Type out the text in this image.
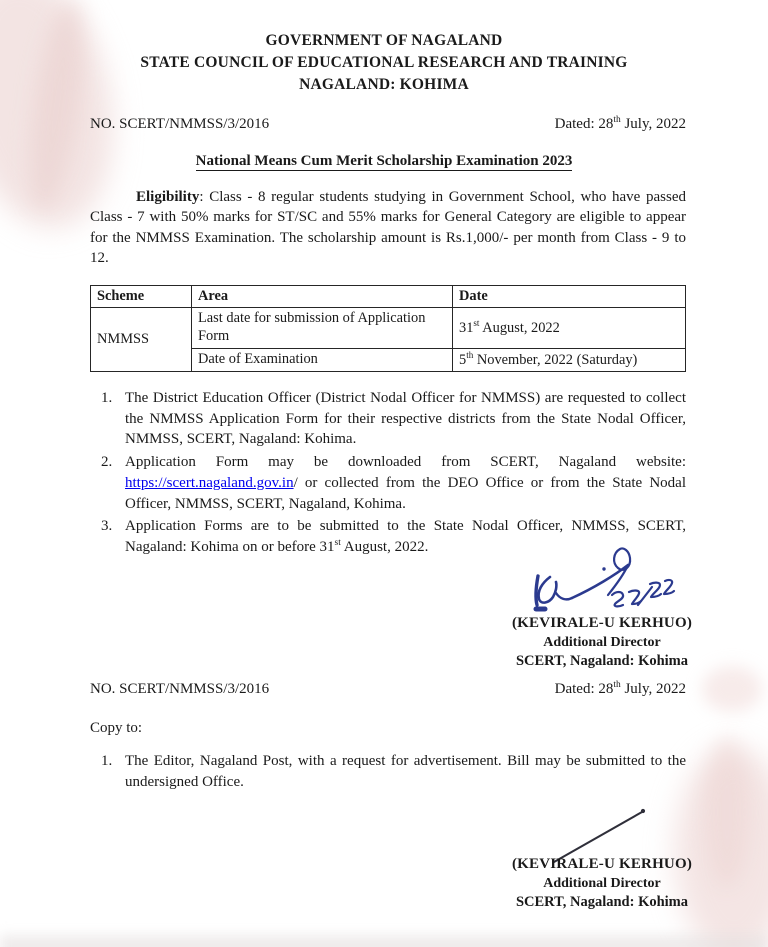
GOVERNMENT OF NAGALAND
STATE COUNCIL OF EDUCATIONAL RESEARCH AND TRAINING
NAGALAND: KOHIMA
NO. SCERT/NMMSS/3/2016	Dated: 28th July, 2022
National Means Cum Merit Scholarship Examination 2023
Eligibility: Class - 8 regular students studying in Government School, who have passed Class - 7 with 50% marks for ST/SC and 55% marks for General Category are eligible to appear for the NMMSS Examination. The scholarship amount is Rs.1,000/- per month from Class - 9 to 12.
Scheme	Area	Date
NMMSS	Last date for submission of Application Form	31st August, 2022
	Date of Examination	5th November, 2022 (Saturday)
1. The District Education Officer (District Nodal Officer for NMMSS) are requested to collect the NMMSS Application Form for their respective districts from the State Nodal Officer, NMMSS, SCERT, Nagaland: Kohima.
2. Application Form may be downloaded from SCERT, Nagaland website: https://scert.nagaland.gov.in/ or collected from the DEO Office or from the State Nodal Officer, NMMSS, SCERT, Nagaland, Kohima.
3. Application Forms are to be submitted to the State Nodal Officer, NMMSS, SCERT, Nagaland: Kohima on or before 31st August, 2022.
(KEVIRALE-U KERHUO)
Additional Director
SCERT, Nagaland: Kohima
NO. SCERT/NMMSS/3/2016	Dated: 28th July, 2022
Copy to:
1. The Editor, Nagaland Post, with a request for advertisement. Bill may be submitted to the undersigned Office.
(KEVIRALE-U KERHUO)
Additional Director
SCERT, Nagaland: Kohima
